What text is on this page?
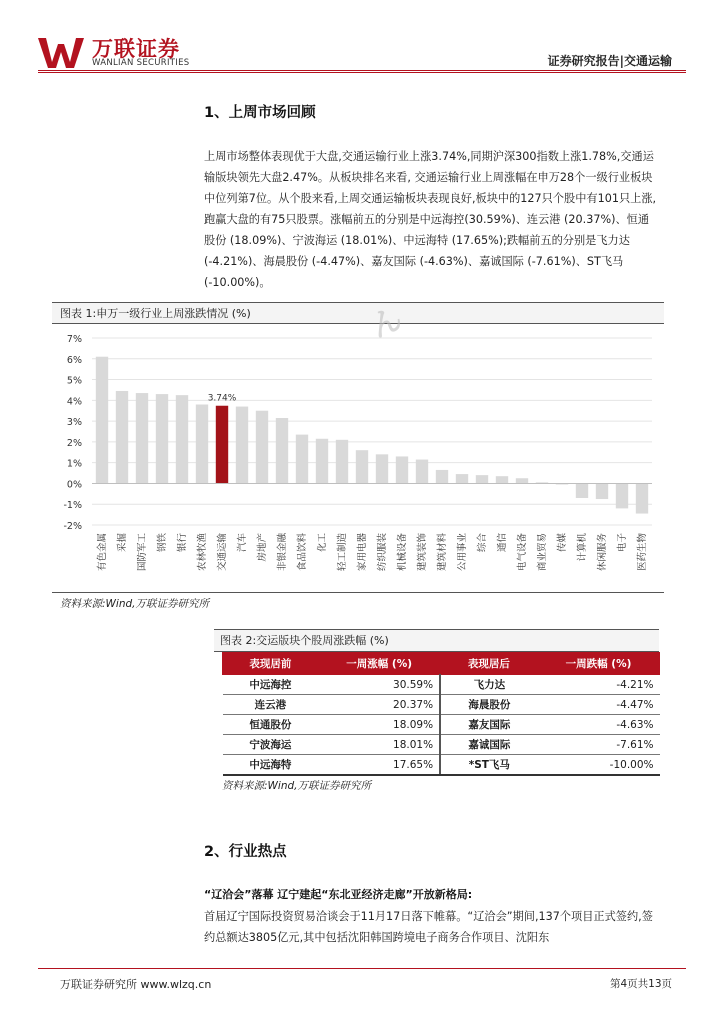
万联证券
WANLIAN SECURITIES	证券研究报告|交通运输
1、上周市场回顾
上周市场整体表现优于大盘,交通运输行业上涨3.74%,同期沪深300指数上涨1.78%,交通运输版块领先大盘2.47%。从板块排名来看, 交通运输行业上周涨幅在申万28个一级行业板块中位列第7位。从个股来看,上周交通运输板块表现良好,板块中的127只个股中有101只上涨,跑赢大盘的有75只股票。涨幅前五的分别是中远海控(30.59%)、连云港 (20.37%)、恒通股份 (18.09%)、宁波海运 (18.01%)、中远海特 (17.65%);跌幅前五的分别是飞力达 (-4.21%)、海晨股份 (-4.47%)、嘉友国际 (-4.63%)、嘉诚国际 (-7.61%)、ST飞马 (-10.00%)。
图表 1:申万一级行业上周涨跌情况 (%)	ん
7%
6%
5%
4%
3%
2%
1%
0%
-1%
-2%
有色金属 采掘 国防军工 钢铁 银行 农林牧渔 交通运输
3.74%
汽车 房地产 非银金融 食品饮料 化工 轻工制造 家用电器 纺织服装 机械设备 建筑装饰 建筑材料 公用事业 综合 通信 电气设备 商业贸易 传媒 计算机 休闲服务 电子 医药生物
资料来源:Wind,万联证券研究所
图表 2:交运版块个股周涨跌幅 (%)
表现居前	一周涨幅 (%)	表现居后	一周跌幅 (%)
中远海控	30.59%	飞力达	-4.21%
连云港	20.37%	海晨股份	-4.47%
恒通股份	18.09%	嘉友国际	-4.63%
宁波海运	18.01%	嘉诚国际	-7.61%
中远海特	17.65%	*ST飞马	-10.00%
资料来源:Wind,万联证券研究所
2、行业热点
“辽洽会”落幕 辽宁建起“东北亚经济走廊”开放新格局:
首届辽宁国际投资贸易洽谈会于11月17日落下帷幕。“辽洽会”期间,137个项目正式签约,签约总额达3805亿元,其中包括沈阳韩国跨境电子商务合作项目、沈阳东
万联证券研究所 www.wlzq.cn	第4页共13页
